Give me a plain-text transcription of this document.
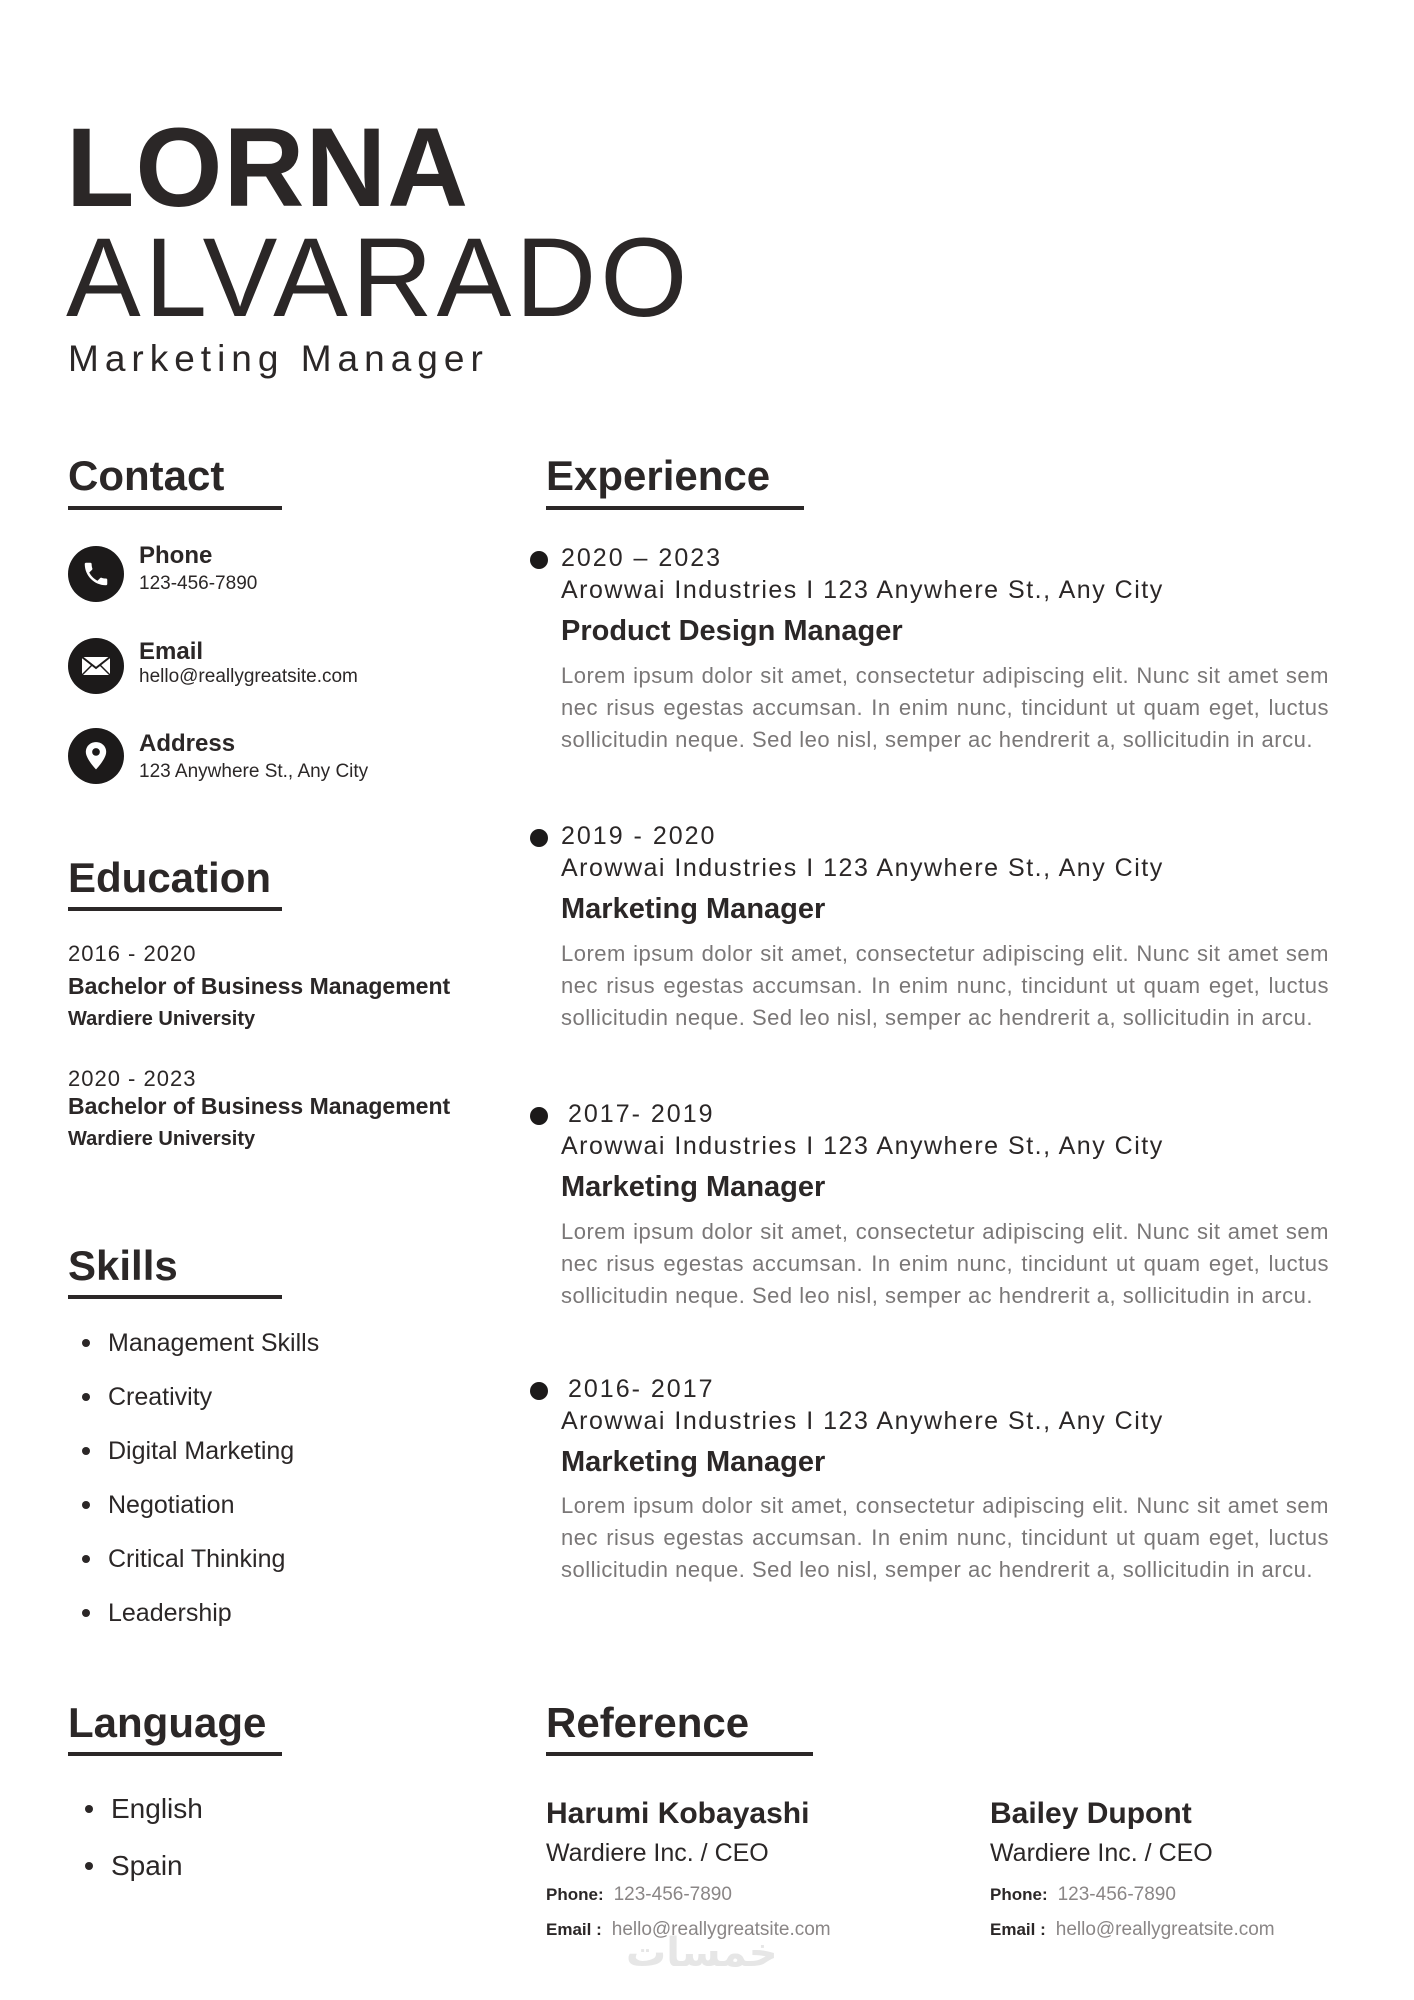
LORNA
ALVARADO
Marketing Manager
Contact
Phone
123-456-7890
Email
hello@reallygreatsite.com
Address
123 Anywhere St., Any City
Education
2016 - 2020
Bachelor of Business Management
Wardiere University
2020 - 2023
Bachelor of Business Management
Wardiere University
Skills
Management Skills
Creativity
Digital Marketing
Negotiation
Critical Thinking
Leadership
Language
English
Spain
Experience
2020 – 2023
Arowwai Industries I 123 Anywhere St., Any City
Product Design Manager
Lorem ipsum dolor sit amet, consectetur adipiscing elit. Nunc sit amet sem nec risus egestas accumsan. In enim nunc, tincidunt ut quam eget, luctus sollicitudin neque. Sed leo nisl, semper ac hendrerit a, sollicitudin in arcu.
2019 - 2020
Arowwai Industries I 123 Anywhere St., Any City
Marketing Manager
Lorem ipsum dolor sit amet, consectetur adipiscing elit. Nunc sit amet sem nec risus egestas accumsan. In enim nunc, tincidunt ut quam eget, luctus sollicitudin neque. Sed leo nisl, semper ac hendrerit a, sollicitudin in arcu.
2017- 2019
Arowwai Industries I 123 Anywhere St., Any City
Marketing Manager
Lorem ipsum dolor sit amet, consectetur adipiscing elit. Nunc sit amet sem nec risus egestas accumsan. In enim nunc, tincidunt ut quam eget, luctus sollicitudin neque. Sed leo nisl, semper ac hendrerit a, sollicitudin in arcu.
2016- 2017
Arowwai Industries I 123 Anywhere St., Any City
Marketing Manager
Lorem ipsum dolor sit amet, consectetur adipiscing elit. Nunc sit amet sem nec risus egestas accumsan. In enim nunc, tincidunt ut quam eget, luctus sollicitudin neque. Sed leo nisl, semper ac hendrerit a, sollicitudin in arcu.
Reference
Harumi Kobayashi
Wardiere Inc. / CEO
Phone: 123-456-7890
Email : hello@reallygreatsite.com
Bailey Dupont
Wardiere Inc. / CEO
Phone: 123-456-7890
Email : hello@reallygreatsite.com
خمسات
